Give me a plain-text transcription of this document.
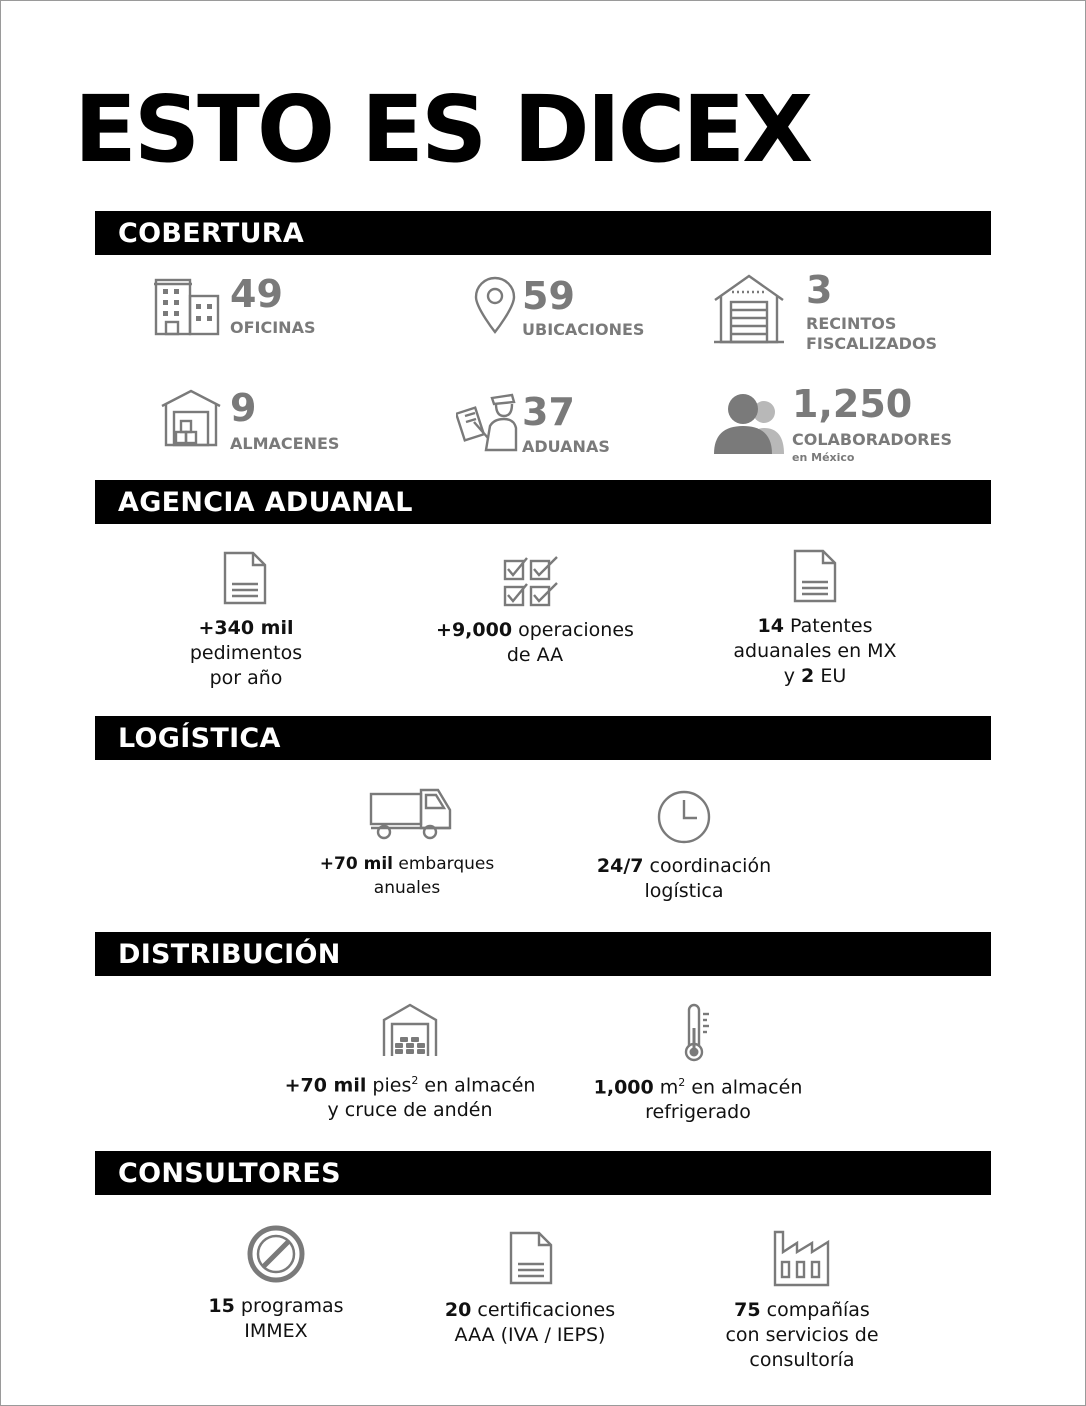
ESTO ES DICEX
COBERTURA
49
OFICINAS
59
UBICACIONES
3
RECINTOS
FISCALIZADOS
9
ALMACENES
37
ADUANAS
1,250
COLABORADORES
en México
AGENCIA ADUANAL
+340 mil
pedimentos
por año
+9,000 operaciones
de AA
14 Patentes
aduanales en MX
y 2 EU
LOGÍSTICA
+70 mil embarques
anuales
24/7 coordinación
logística
DISTRIBUCIÓN
+70 mil pies$^2$ en almacén
y cruce de andén
1,000 $m^2$ en almacén
refrigerado
CONSULTORES
15 programas
IMMEX
20 certificaciones
AAA (IVA / IEPS)
75 compañías
con servicios de
consultoría
